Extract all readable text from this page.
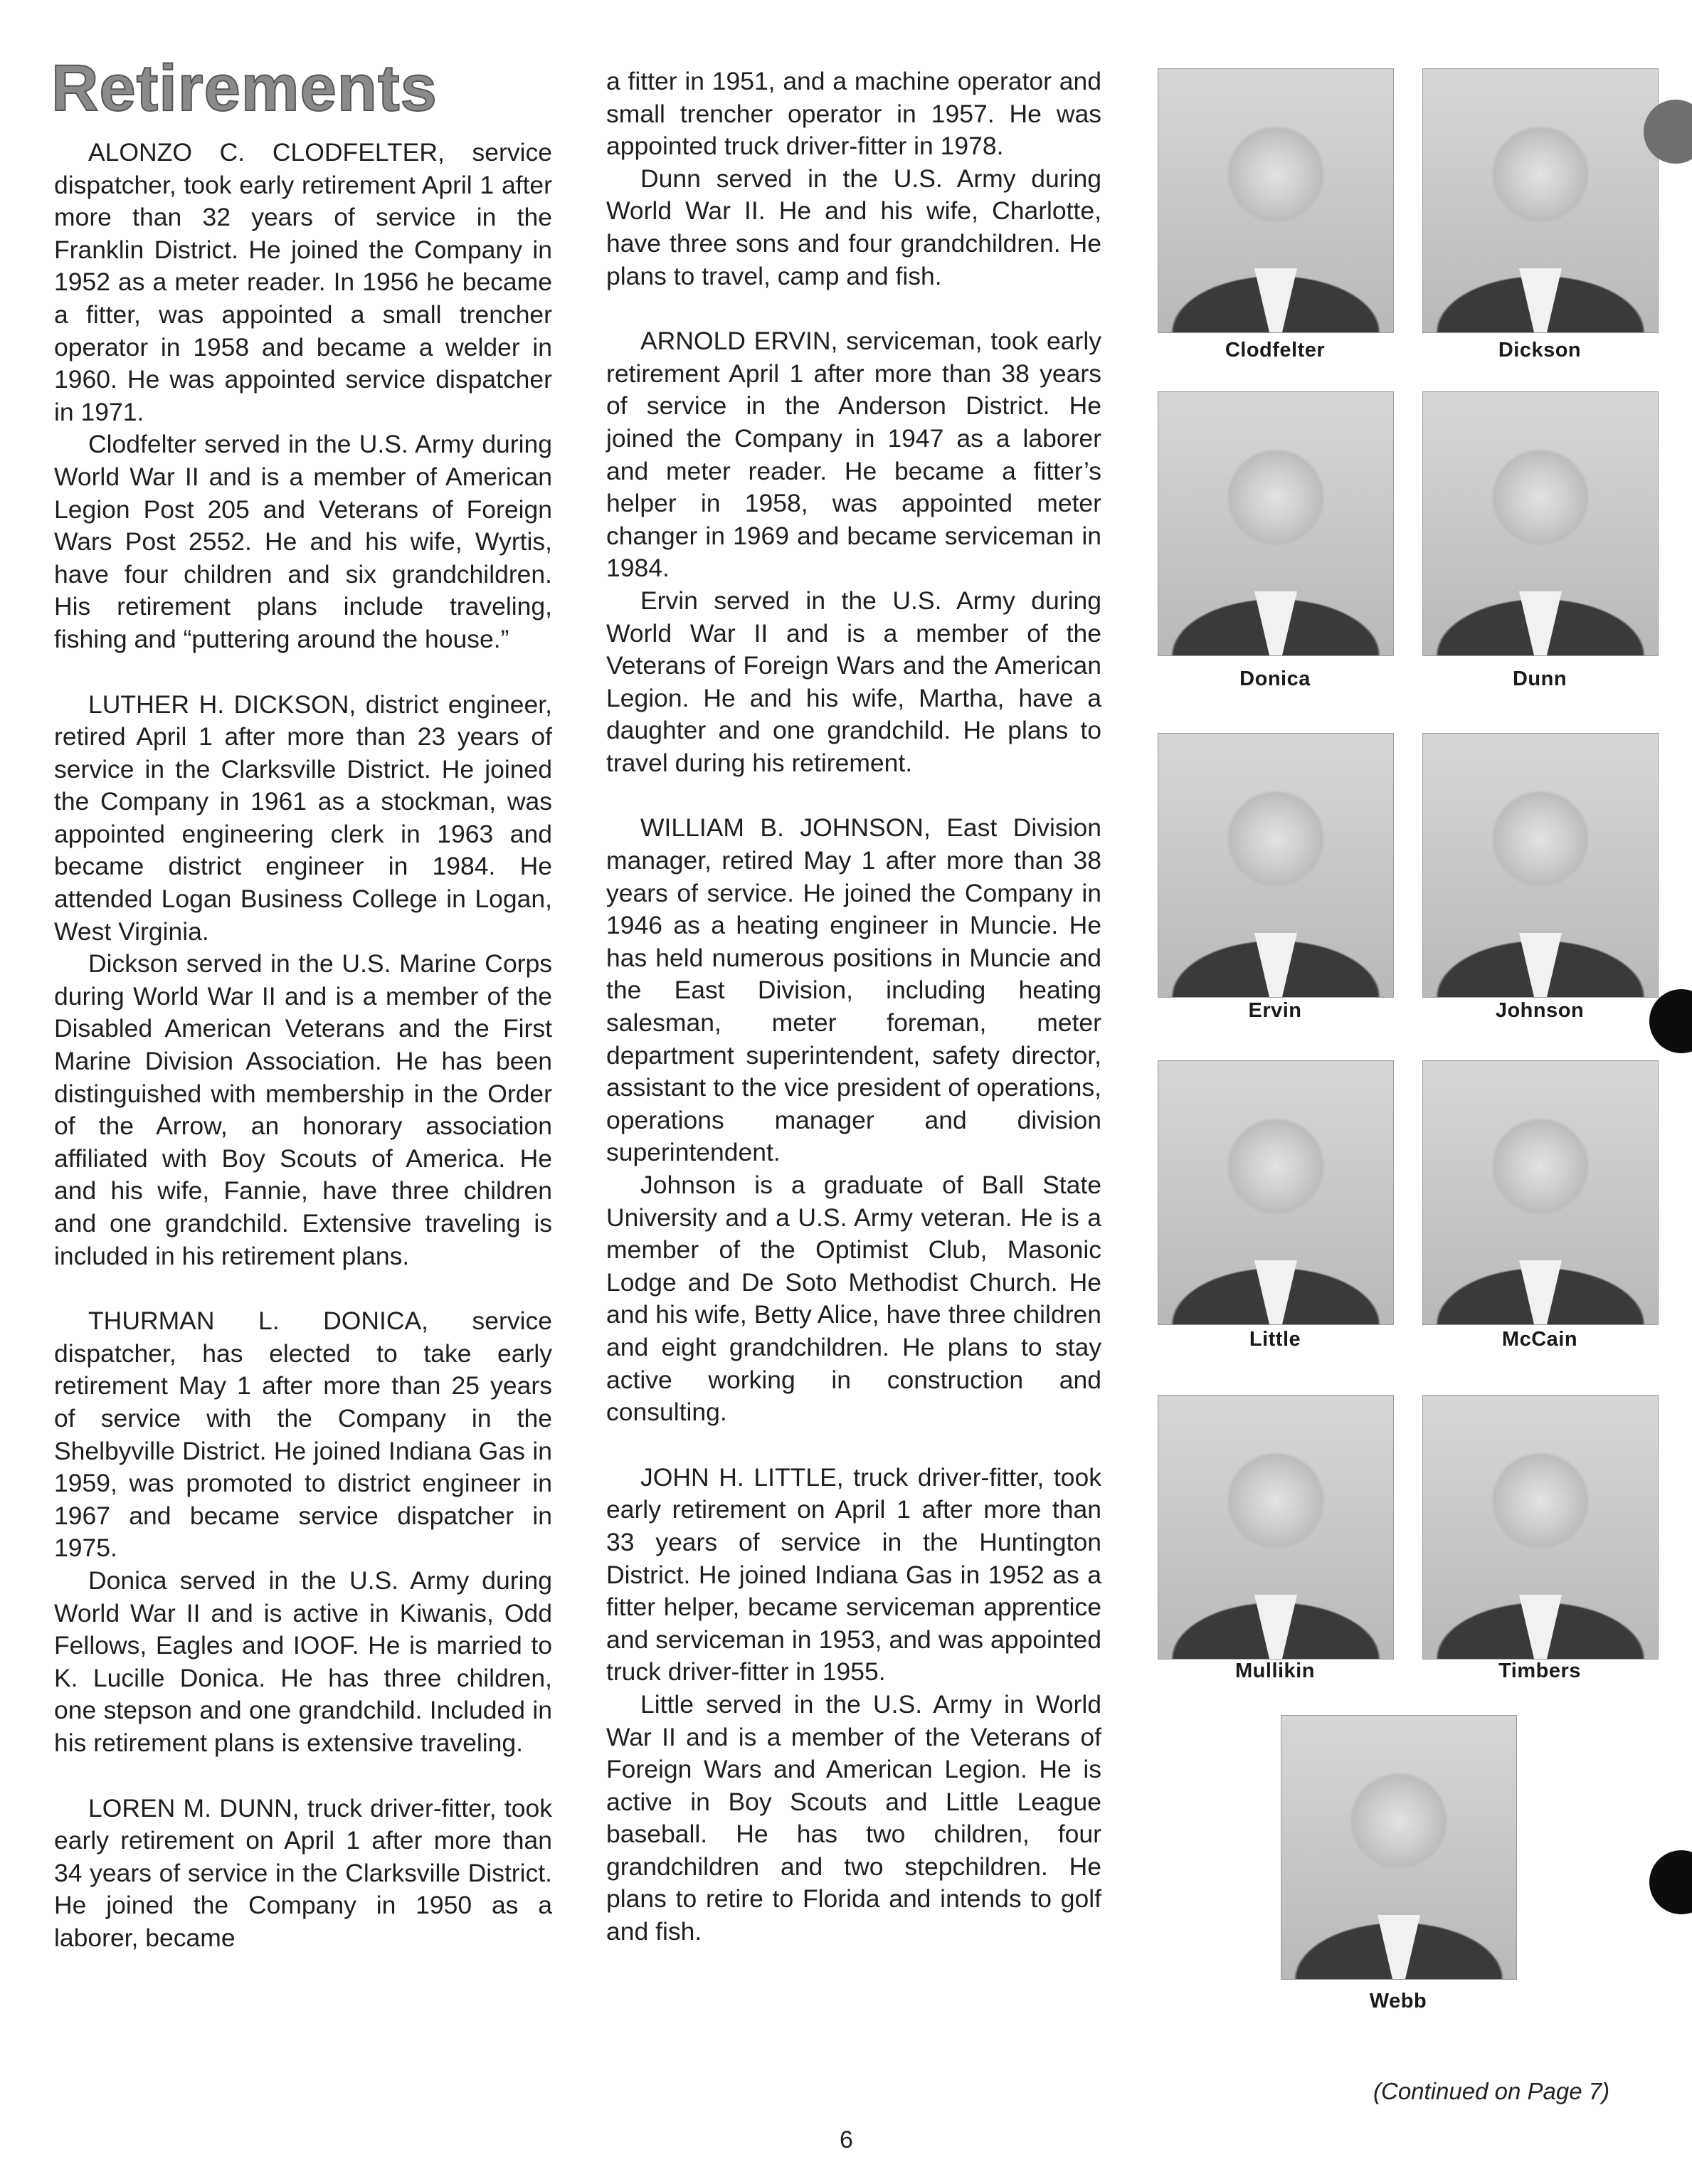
Retirements

ALONZO C. CLODFELTER, service dispatcher, took early retirement April 1 after more than 32 years of service in the Franklin District. He joined the Company in 1952 as a meter reader. In 1956 he became a fitter, was appointed a small trencher operator in 1958 and became a welder in 1960. He was appointed service dispatcher in 1971.

Clodfelter served in the U.S. Army during World War II and is a member of American Legion Post 205 and Veterans of Foreign Wars Post 2552. He and his wife, Wyrtis, have four children and six grandchildren. His retirement plans include traveling, fishing and “puttering around the house.”

LUTHER H. DICKSON, district engineer, retired April 1 after more than 23 years of service in the Clarksville District. He joined the Company in 1961 as a stockman, was appointed engineering clerk in 1963 and became district engineer in 1984. He attended Logan Business College in Logan, West Virginia.

Dickson served in the U.S. Marine Corps during World War II and is a member of the Disabled American Veterans and the First Marine Division Association. He has been distinguished with membership in the Order of the Arrow, an honorary association affiliated with Boy Scouts of America. He and his wife, Fannie, have three children and one grandchild. Extensive traveling is included in his retirement plans.

THURMAN L. DONICA, service dispatcher, has elected to take early retirement May 1 after more than 25 years of service with the Company in the Shelbyville District. He joined Indiana Gas in 1959, was promoted to district engineer in 1967 and became service dispatcher in 1975.

Donica served in the U.S. Army during World War II and is active in Kiwanis, Odd Fellows, Eagles and IOOF. He is married to K. Lucille Donica. He has three children, one stepson and one grandchild. Included in his retirement plans is extensive traveling.

LOREN M. DUNN, truck driver-fitter, took early retirement on April 1 after more than 34 years of service in the Clarksville District. He joined the Company in 1950 as a laborer, became

a fitter in 1951, and a machine operator and small trencher operator in 1957. He was appointed truck driver-fitter in 1978.

Dunn served in the U.S. Army during World War II. He and his wife, Charlotte, have three sons and four grandchildren. He plans to travel, camp and fish.

ARNOLD ERVIN, serviceman, took early retirement April 1 after more than 38 years of service in the Anderson District. He joined the Company in 1947 as a laborer and meter reader. He became a fitter’s helper in 1958, was appointed meter changer in 1969 and became serviceman in 1984.

Ervin served in the U.S. Army during World War II and is a member of the Veterans of Foreign Wars and the American Legion. He and his wife, Martha, have a daughter and one grandchild. He plans to travel during his retirement.

WILLIAM B. JOHNSON, East Division manager, retired May 1 after more than 38 years of service. He joined the Company in 1946 as a heating engineer in Muncie. He has held numerous positions in Muncie and the East Division, including heating salesman, meter foreman, meter department superintendent, safety director, assistant to the vice president of operations, operations manager and division superintendent.

Johnson is a graduate of Ball State University and a U.S. Army veteran. He is a member of the Optimist Club, Masonic Lodge and De Soto Methodist Church. He and his wife, Betty Alice, have three children and eight grandchildren. He plans to stay active working in construction and consulting.

JOHN H. LITTLE, truck driver-fitter, took early retirement on April 1 after more than 33 years of service in the Huntington District. He joined Indiana Gas in 1952 as a fitter helper, became serviceman apprentice and serviceman in 1953, and was appointed truck driver-fitter in 1955.

Little served in the U.S. Army in World War II and is a member of the Veterans of Foreign Wars and American Legion. He is active in Boy Scouts and Little League baseball. He has two children, four grandchildren and two stepchildren. He plans to retire to Florida and intends to golf and fish.

Clodfelter	Dickson
Donica	Dunn
Ervin	Johnson
Little	McCain
Mullikin	Timbers
Webb
(Continued on Page 7)
6
